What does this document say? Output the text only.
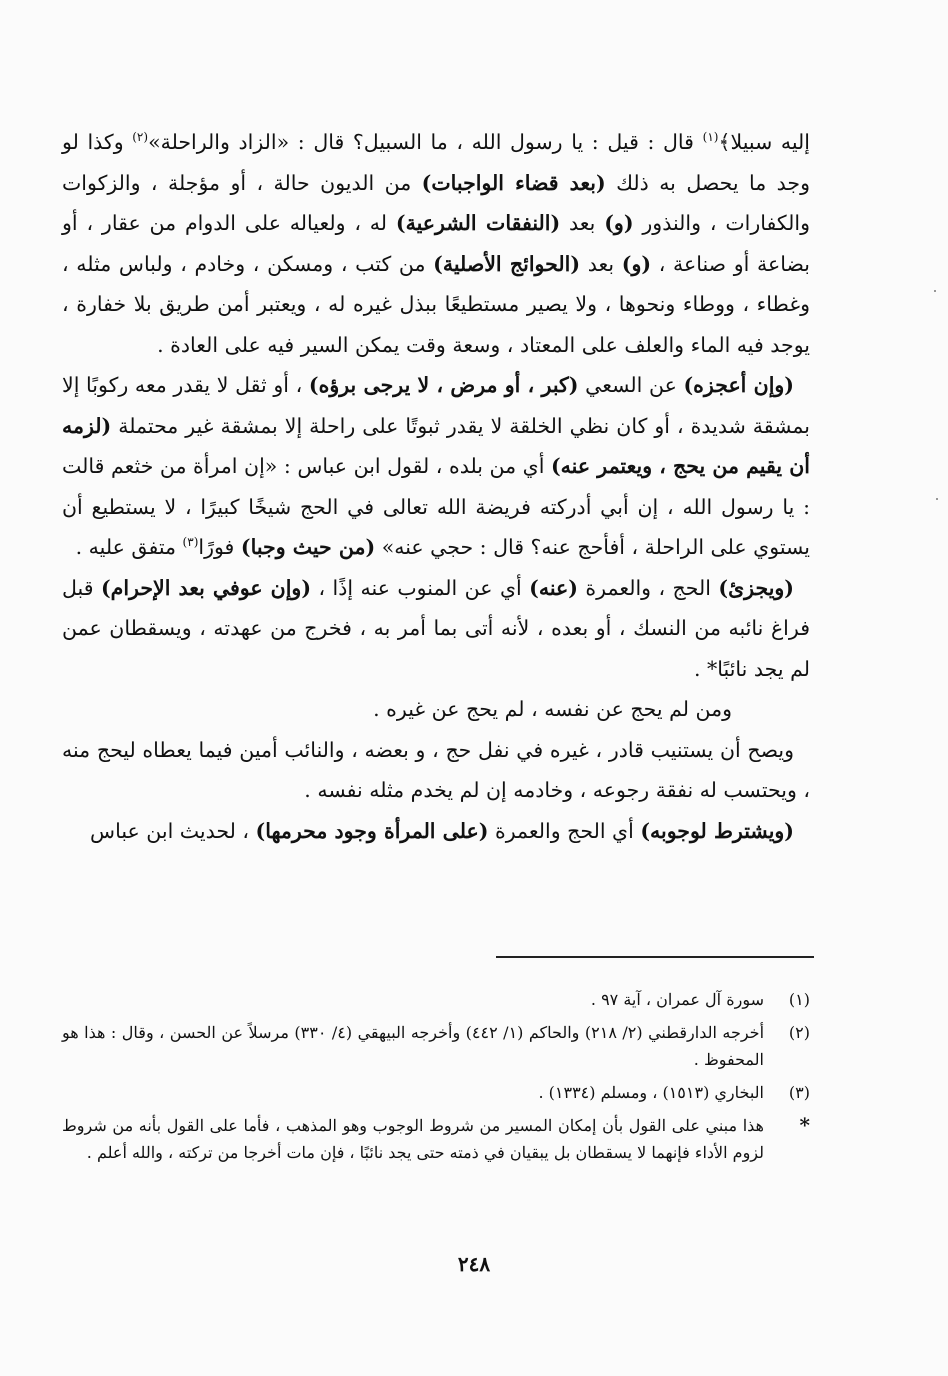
إليه سبيلا﴾$^{(١)}$ قال : قيل : يا رسول الله ، ما السبيل؟ قال : «الزاد والراحلة»$^{(٢)}$ وكذا لو وجد ما يحصل به ذلك (بعد قضاء الواجبات) من الديون حالة ، أو مؤجلة ، والزكوات والكفارات ، والنذور (و) بعد (النفقات الشرعية) له ، ولعياله على الدوام من عقار ، أو بضاعة أو صناعة ، (و) بعد (الحوائج الأصلية) من كتب ، ومسكن ، وخادم ، ولباس مثله ، وغطاء ، ووطاء ونحوها ، ولا يصير مستطيعًا ببذل غيره له ، ويعتبر أمن طريق بلا خفارة ، يوجد فيه الماء والعلف على المعتاد ، وسعة وقت يمكن السير فيه على العادة .

(وإن أعجزه) عن السعي (كبر ، أو مرض ، لا يرجى برؤه) ، أو ثقل لا يقدر معه ركوبًا إلا بمشقة شديدة ، أو كان نظي الخلقة لا يقدر ثبوتًا على راحلة إلا بمشقة غير محتملة (لزمه أن يقيم من يحج ، ويعتمر عنه) أي من بلده ، لقول ابن عباس : «إن امرأة من خثعم قالت : يا رسول الله ، إن أبي أدركته فريضة الله تعالى في الحج شيخًا كبيرًا ، لا يستطيع أن يستوي على الراحلة ، أفأحج عنه؟ قال : حجي عنه» (من حيث وجبا) فورًا$^{(٣)}$ متفق عليه .

(ويجزئ) الحج ، والعمرة (عنه) أي عن المنوب عنه إذًا ، (وإن عوفي بعد الإحرام) قبل فراغ نائبه من النسك ، أو بعده ، لأنه أتى بما أمر به ، فخرج من عهدته ، ويسقطان عمن لم يجد نائبًا* .

ومن لم يحج عن نفسه ، لم يحج عن غيره .

ويصح أن يستنيب قادر ، غيره في نفل حج ، و بعضه ، والنائب أمين فيما يعطاه ليحج منه ، ويحتسب له نفقة رجوعه ، وخادمه إن لم يخدم مثله نفسه .

(ويشترط لوجوبه) أي الحج والعمرة (على المرأة وجود محرمها) ، لحديث ابن عباس

(١)
سورة آل عمران ، آية ٩٧ .
(٢)
أخرجه الدارقطني (٢/ ٢١٨) والحاكم (١/ ٤٤٢) وأخرجه البيهقي (٤/ ٣٣٠) مرسلاً عن الحسن ، وقال : هذا هو المحفوظ .
(٣)
البخاري (١٥١٣) ، ومسلم (١٣٣٤) .
*
هذا مبني على القول بأن إمكان المسير من شروط الوجوب وهو المذهب ، فأما على القول بأنه من شروط لزوم الأداء فإنهما لا يسقطان بل يبقيان في ذمته حتى يجد نائبًا ، فإن مات أخرجا من تركته ، والله أعلم .
٢٤٨
